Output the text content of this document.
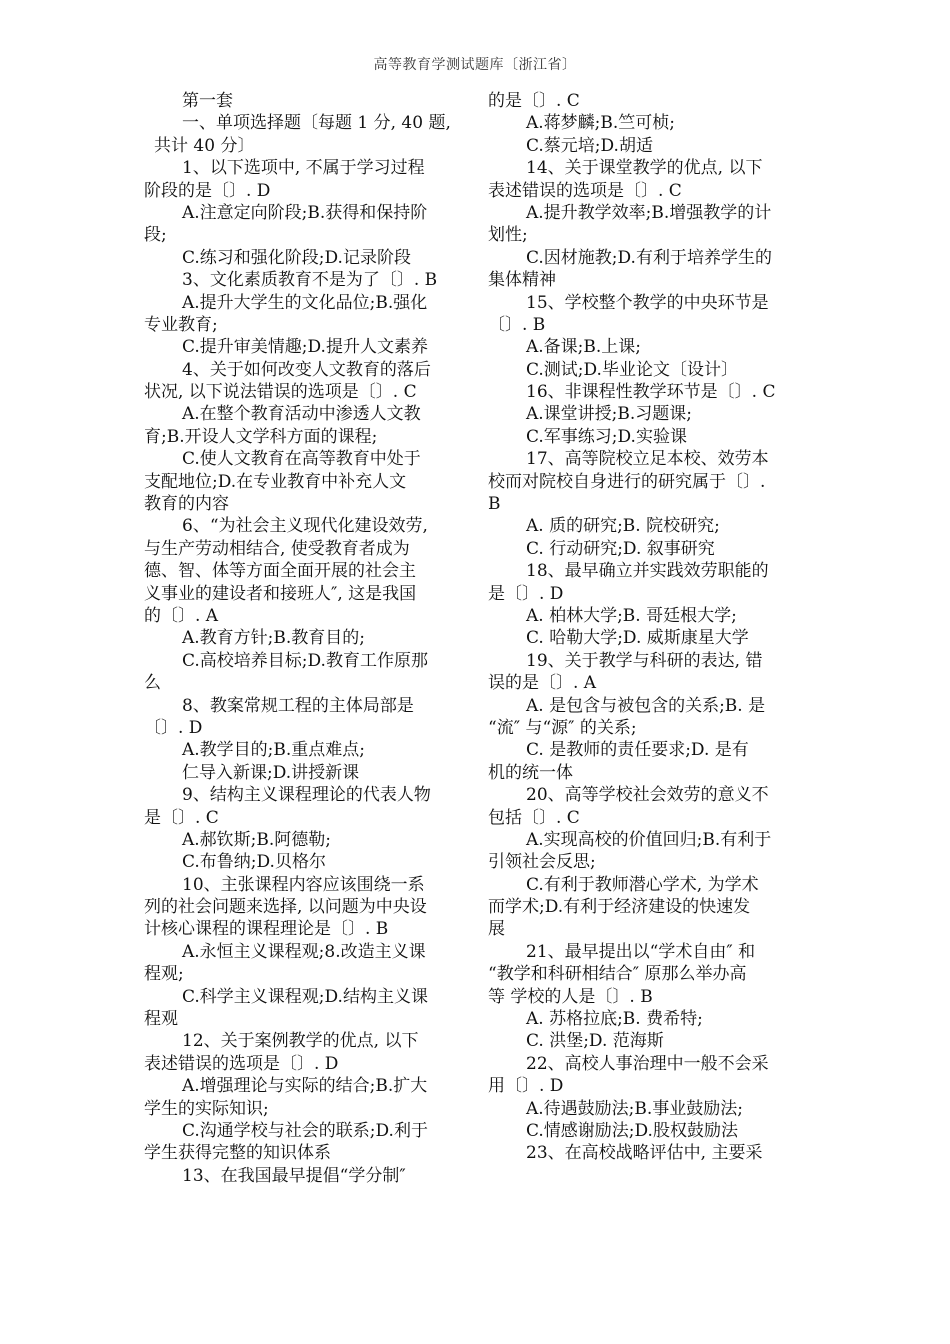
高等教育学测试题库〔浙江省〕
第一套
一、单项选择题〔每题 1 分, 40 题,
共计 40 分〕
1、以下选项中, 不属于学习过程
阶段的是〔〕. D
A.注意定向阶段;B.获得和保持阶
段;
C.练习和强化阶段;D.记录阶段
3、文化素质教育不是为了〔〕. B
A.提升大学生的文化品位;B.强化
专业教育;
C.提升审美情趣;D.提升人文素养
4、关于如何改变人文教育的落后
状况, 以下说法错误的选项是〔〕. C
A.在整个教育活动中渗透人文教
育;B.开设人文学科方面的课程;
C.使人文教育在高等教育中处于
支配地位;D.在专业教育中补充人文
教育的内容
6、“为社会主义现代化建设效劳,
与生产劳动相结合, 使受教育者成为
德、智、体等方面全面开展的社会主
义事业的建设者和接班人″, 这是我国
的〔〕. A
A.教育方针;B.教育目的;
C.高校培养目标;D.教育工作原那
么
8、教案常规工程的主体局部是
〔〕. D
A.教学目的;B.重点难点;
仁导入新课;D.讲授新课
9、结构主义课程理论的代表人物
是〔〕. C
A.郝钦斯;B.阿德勒;
C.布鲁纳;D.贝格尔
10、主张课程内容应该围绕一系
列的社会问题来选择, 以问题为中央设
计核心课程的课程理论是〔〕. B
A.永恒主义课程观;8.改造主义课
程观;
C.科学主义课程观;D.结构主义课
程观
12、关于案例教学的优点, 以下
表述错误的选项是〔〕. D
A.增强理论与实际的结合;B.扩大
学生的实际知识;
C.沟通学校与社会的联系;D.利于
学生获得完整的知识体系
13、在我国最早提倡“学分制″
的是〔〕. C
A.蒋梦麟;B.竺可桢;
C.蔡元培;D.胡适
14、关于课堂教学的优点, 以下
表述错误的选项是〔〕. C
A.提升教学效率;B.增强教学的计
划性;
C.因材施教;D.有利于培养学生的
集体精神
15、学校整个教学的中央环节是
〔〕. B
A.备课;B.上课;
C.测试;D.毕业论文〔设计〕
16、非课程性教学环节是〔〕. C
A.课堂讲授;B.习题课;
C.军事练习;D.实验课
17、高等院校立足本校、效劳本
校而对院校自身进行的研究属于〔〕.
B
A. 质的研究;B. 院校研究;
C. 行动研究;D. 叙事研究
18、最早确立并实践效劳职能的
是〔〕. D
A. 柏林大学;B. 哥廷根大学;
C. 哈勒大学;D. 威斯康星大学
19、关于教学与科研的表达, 错
误的是〔〕. A
A. 是包含与被包含的关系;B. 是
“流″ 与“源″ 的关系;
C. 是教师的责任要求;D. 是有
机的统一体
20、高等学校社会效劳的意义不
包括〔〕. C
A.实现高校的价值回归;B.有利于
引领社会反思;
C.有利于教师潜心学术, 为学术
而学术;D.有利于经济建设的快速发
展
21、最早提出以“学术自由″ 和
“教学和科研相结合″ 原那么举办高
等 学校的人是〔〕. B
A. 苏格拉底;B. 费希特;
C. 洪堡;D. 范海斯
22、高校人事治理中一般不会采
用〔〕. D
A.待遇鼓励法;B.事业鼓励法;
C.情感谢励法;D.股权鼓励法
23、在高校战略评估中, 主要采
